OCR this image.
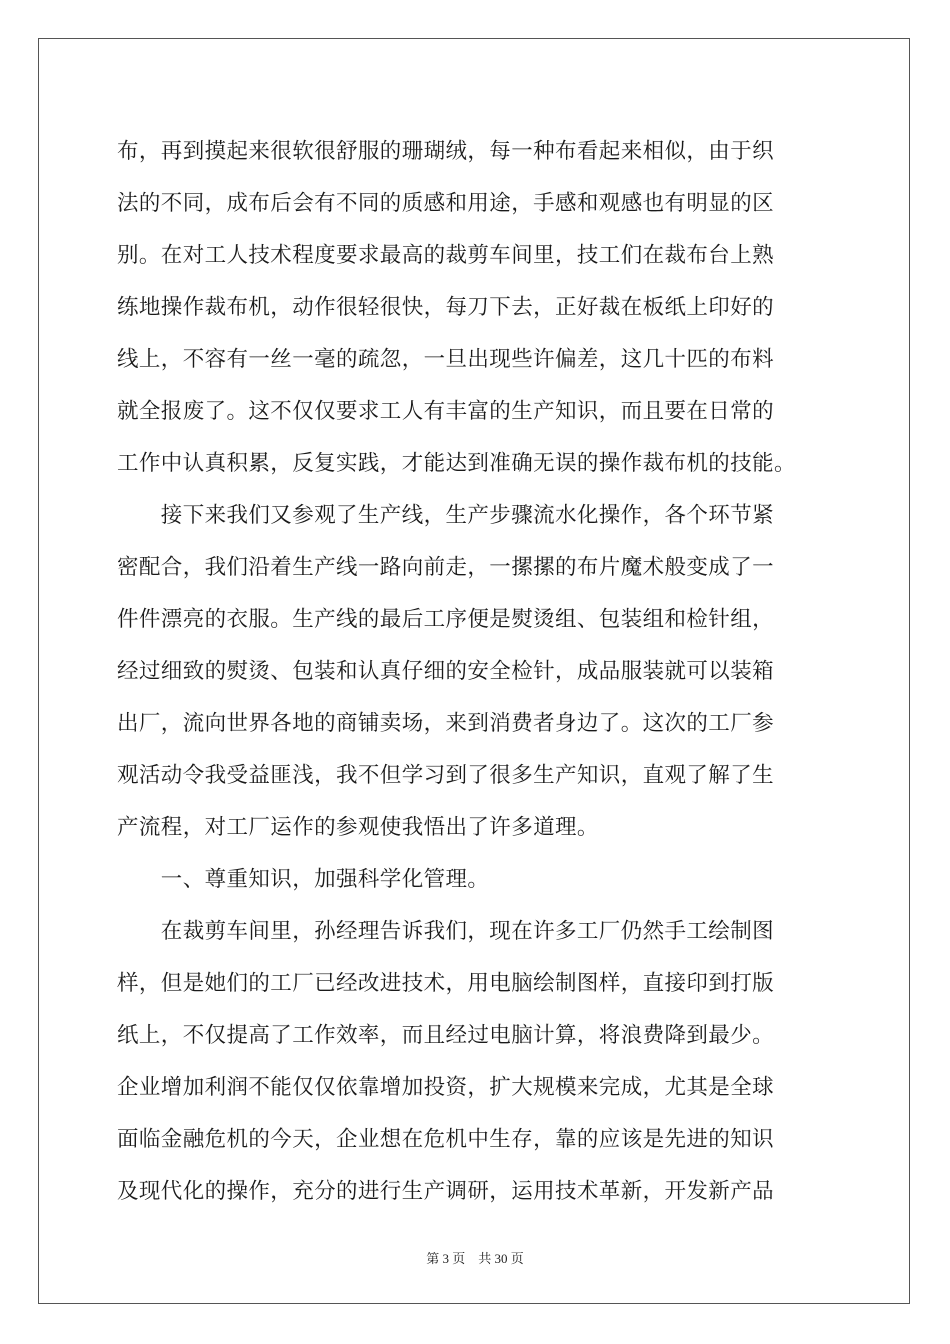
布，再到摸起来很软很舒服的珊瑚绒，每一种布看起来相似，由于织
法的不同，成布后会有不同的质感和用途，手感和观感也有明显的区
别。在对工人技术程度要求最高的裁剪车间里，技工们在裁布台上熟
练地操作裁布机，动作很轻很快，每刀下去，正好裁在板纸上印好的
线上，不容有一丝一毫的疏忽，一旦出现些许偏差，这几十匹的布料
就全报废了。这不仅仅要求工人有丰富的生产知识，而且要在日常的
工作中认真积累，反复实践，才能达到准确无误的操作裁布机的技能。
　　接下来我们又参观了生产线，生产步骤流水化操作，各个环节紧
密配合，我们沿着生产线一路向前走，一摞摞的布片魔术般变成了一
件件漂亮的衣服。生产线的最后工序便是熨烫组、包装组和检针组，
经过细致的熨烫、包装和认真仔细的安全检针，成品服装就可以装箱
出厂，流向世界各地的商铺卖场，来到消费者身边了。这次的工厂参
观活动令我受益匪浅，我不但学习到了很多生产知识，直观了解了生
产流程，对工厂运作的参观使我悟出了许多道理。
　　一、尊重知识，加强科学化管理。
　　在裁剪车间里，孙经理告诉我们，现在许多工厂仍然手工绘制图
样，但是她们的工厂已经改进技术，用电脑绘制图样，直接印到打版
纸上，不仅提高了工作效率，而且经过电脑计算，将浪费降到最少。
企业增加利润不能仅仅依靠增加投资，扩大规模来完成，尤其是全球
面临金融危机的今天，企业想在危机中生存，靠的应该是先进的知识
及现代化的操作，充分的进行生产调研，运用技术革新，开发新产品
第 3 页 共 30 页
